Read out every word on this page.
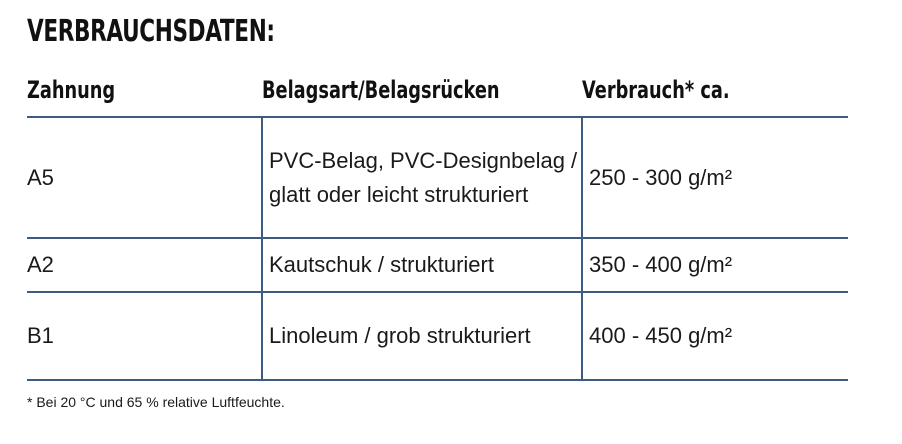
VERBRAUCHSDATEN:
Zahnung	Belagsart/Belagsrücken	Verbrauch* ca.
A5	PVC-Belag, PVC-Designbelag / glatt oder leicht strukturiert	250 - 300 g/m²
A2	Kautschuk / strukturiert	350 - 400 g/m²
B1	Linoleum / grob strukturiert	400 - 450 g/m²
* Bei 20 °C und 65 % relative Luftfeuchte.
